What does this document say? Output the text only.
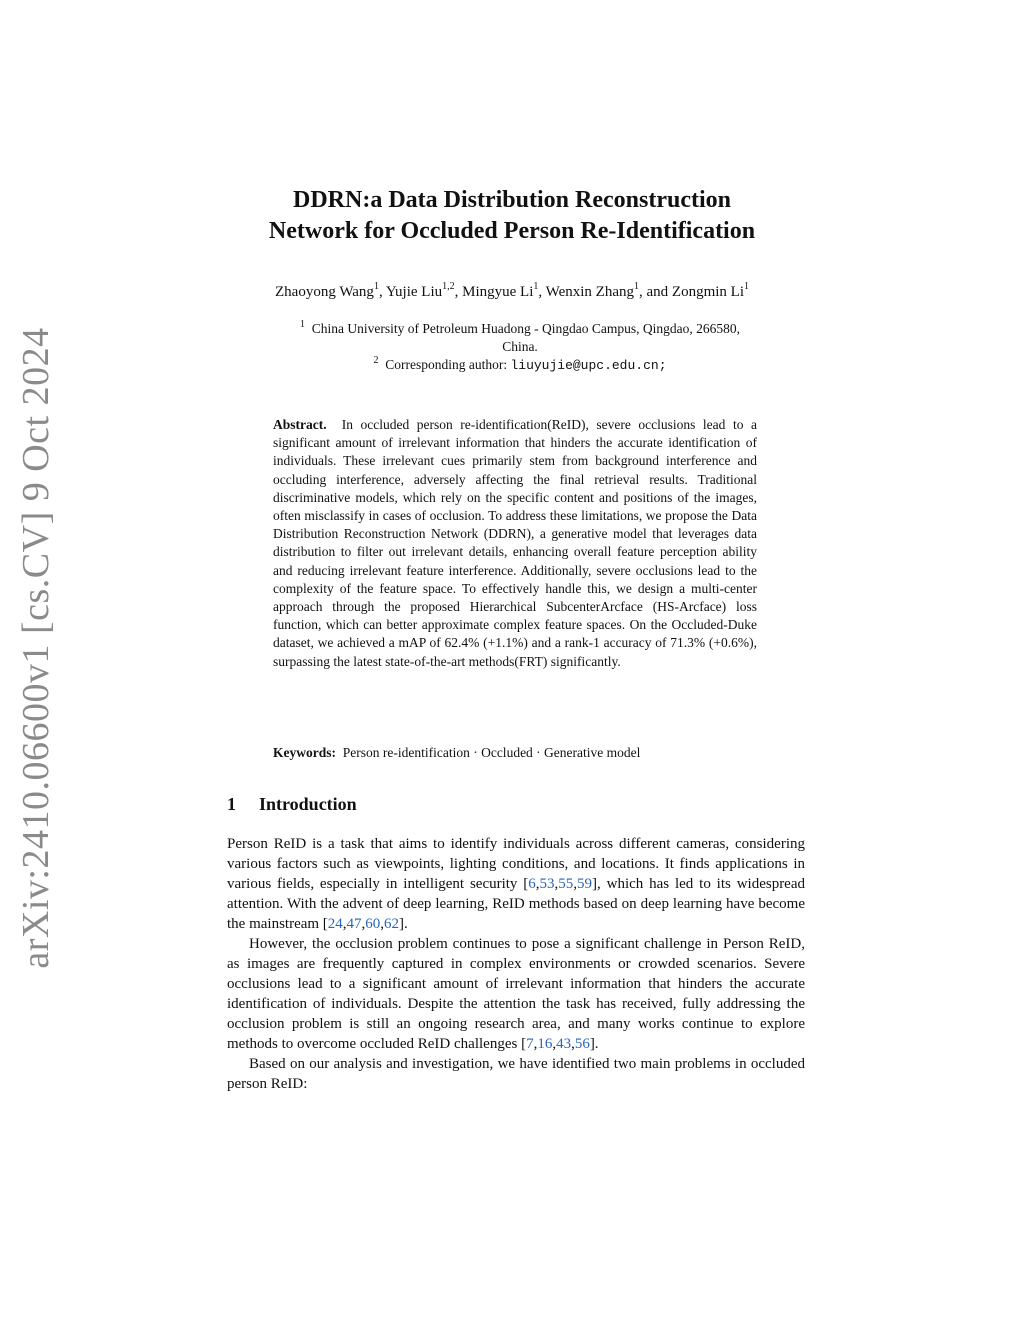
arXiv:2410.06600v1 [cs.CV] 9 Oct 2024
DDRN:a Data Distribution Reconstruction
Network for Occluded Person Re-Identification
Zhaoyong Wang$^1$, Yujie Liu$^{1,2}$, Mingyue Li$^1$, Wenxin Zhang$^1$, and Zongmin Li$^1$
$^1$ China University of Petroleum Huadong - Qingdao Campus, Qingdao, 266580,
China.
$^2$ Corresponding author: liuyujie@upc.edu.cn;
Abstract. In occluded person re-identification(ReID), severe occlusions lead to a significant amount of irrelevant information that hinders the accurate identification of individuals. These irrelevant cues primarily stem from background interference and occluding interference, adversely affecting the final retrieval results. Traditional discriminative models, which rely on the specific content and positions of the images, often misclassify in cases of occlusion. To address these limitations, we propose the Data Distribution Reconstruction Network (DDRN), a generative model that leverages data distribution to filter out irrelevant details, enhancing overall feature perception ability and reducing irrelevant feature interference. Additionally, severe occlusions lead to the complexity of the feature space. To effectively handle this, we design a multi-center approach through the proposed Hierarchical SubcenterArcface (HS-Arcface) loss function, which can better approximate complex feature spaces. On the Occluded-Duke dataset, we achieved a mAP of 62.4% (+1.1%) and a rank-1 accuracy of 71.3% (+0.6%), surpassing the latest state-of-the-art methods(FRT) significantly.
Keywords: Person re-identification · Occluded · Generative model
1 Introduction

Person ReID is a task that aims to identify individuals across different cameras, considering various factors such as viewpoints, lighting conditions, and locations. It finds applications in various fields, especially in intelligent security [6,53,55,59], which has led to its widespread attention. With the advent of deep learning, ReID methods based on deep learning have become the mainstream [24,47,60,62].

However, the occlusion problem continues to pose a significant challenge in Person ReID, as images are frequently captured in complex environments or crowded scenarios. Severe occlusions lead to a significant amount of irrelevant information that hinders the accurate identification of individuals. Despite the attention the task has received, fully addressing the occlusion problem is still an ongoing research area, and many works continue to explore methods to overcome occluded ReID challenges [7,16,43,56].

Based on our analysis and investigation, we have identified two main problems in occluded person ReID:
